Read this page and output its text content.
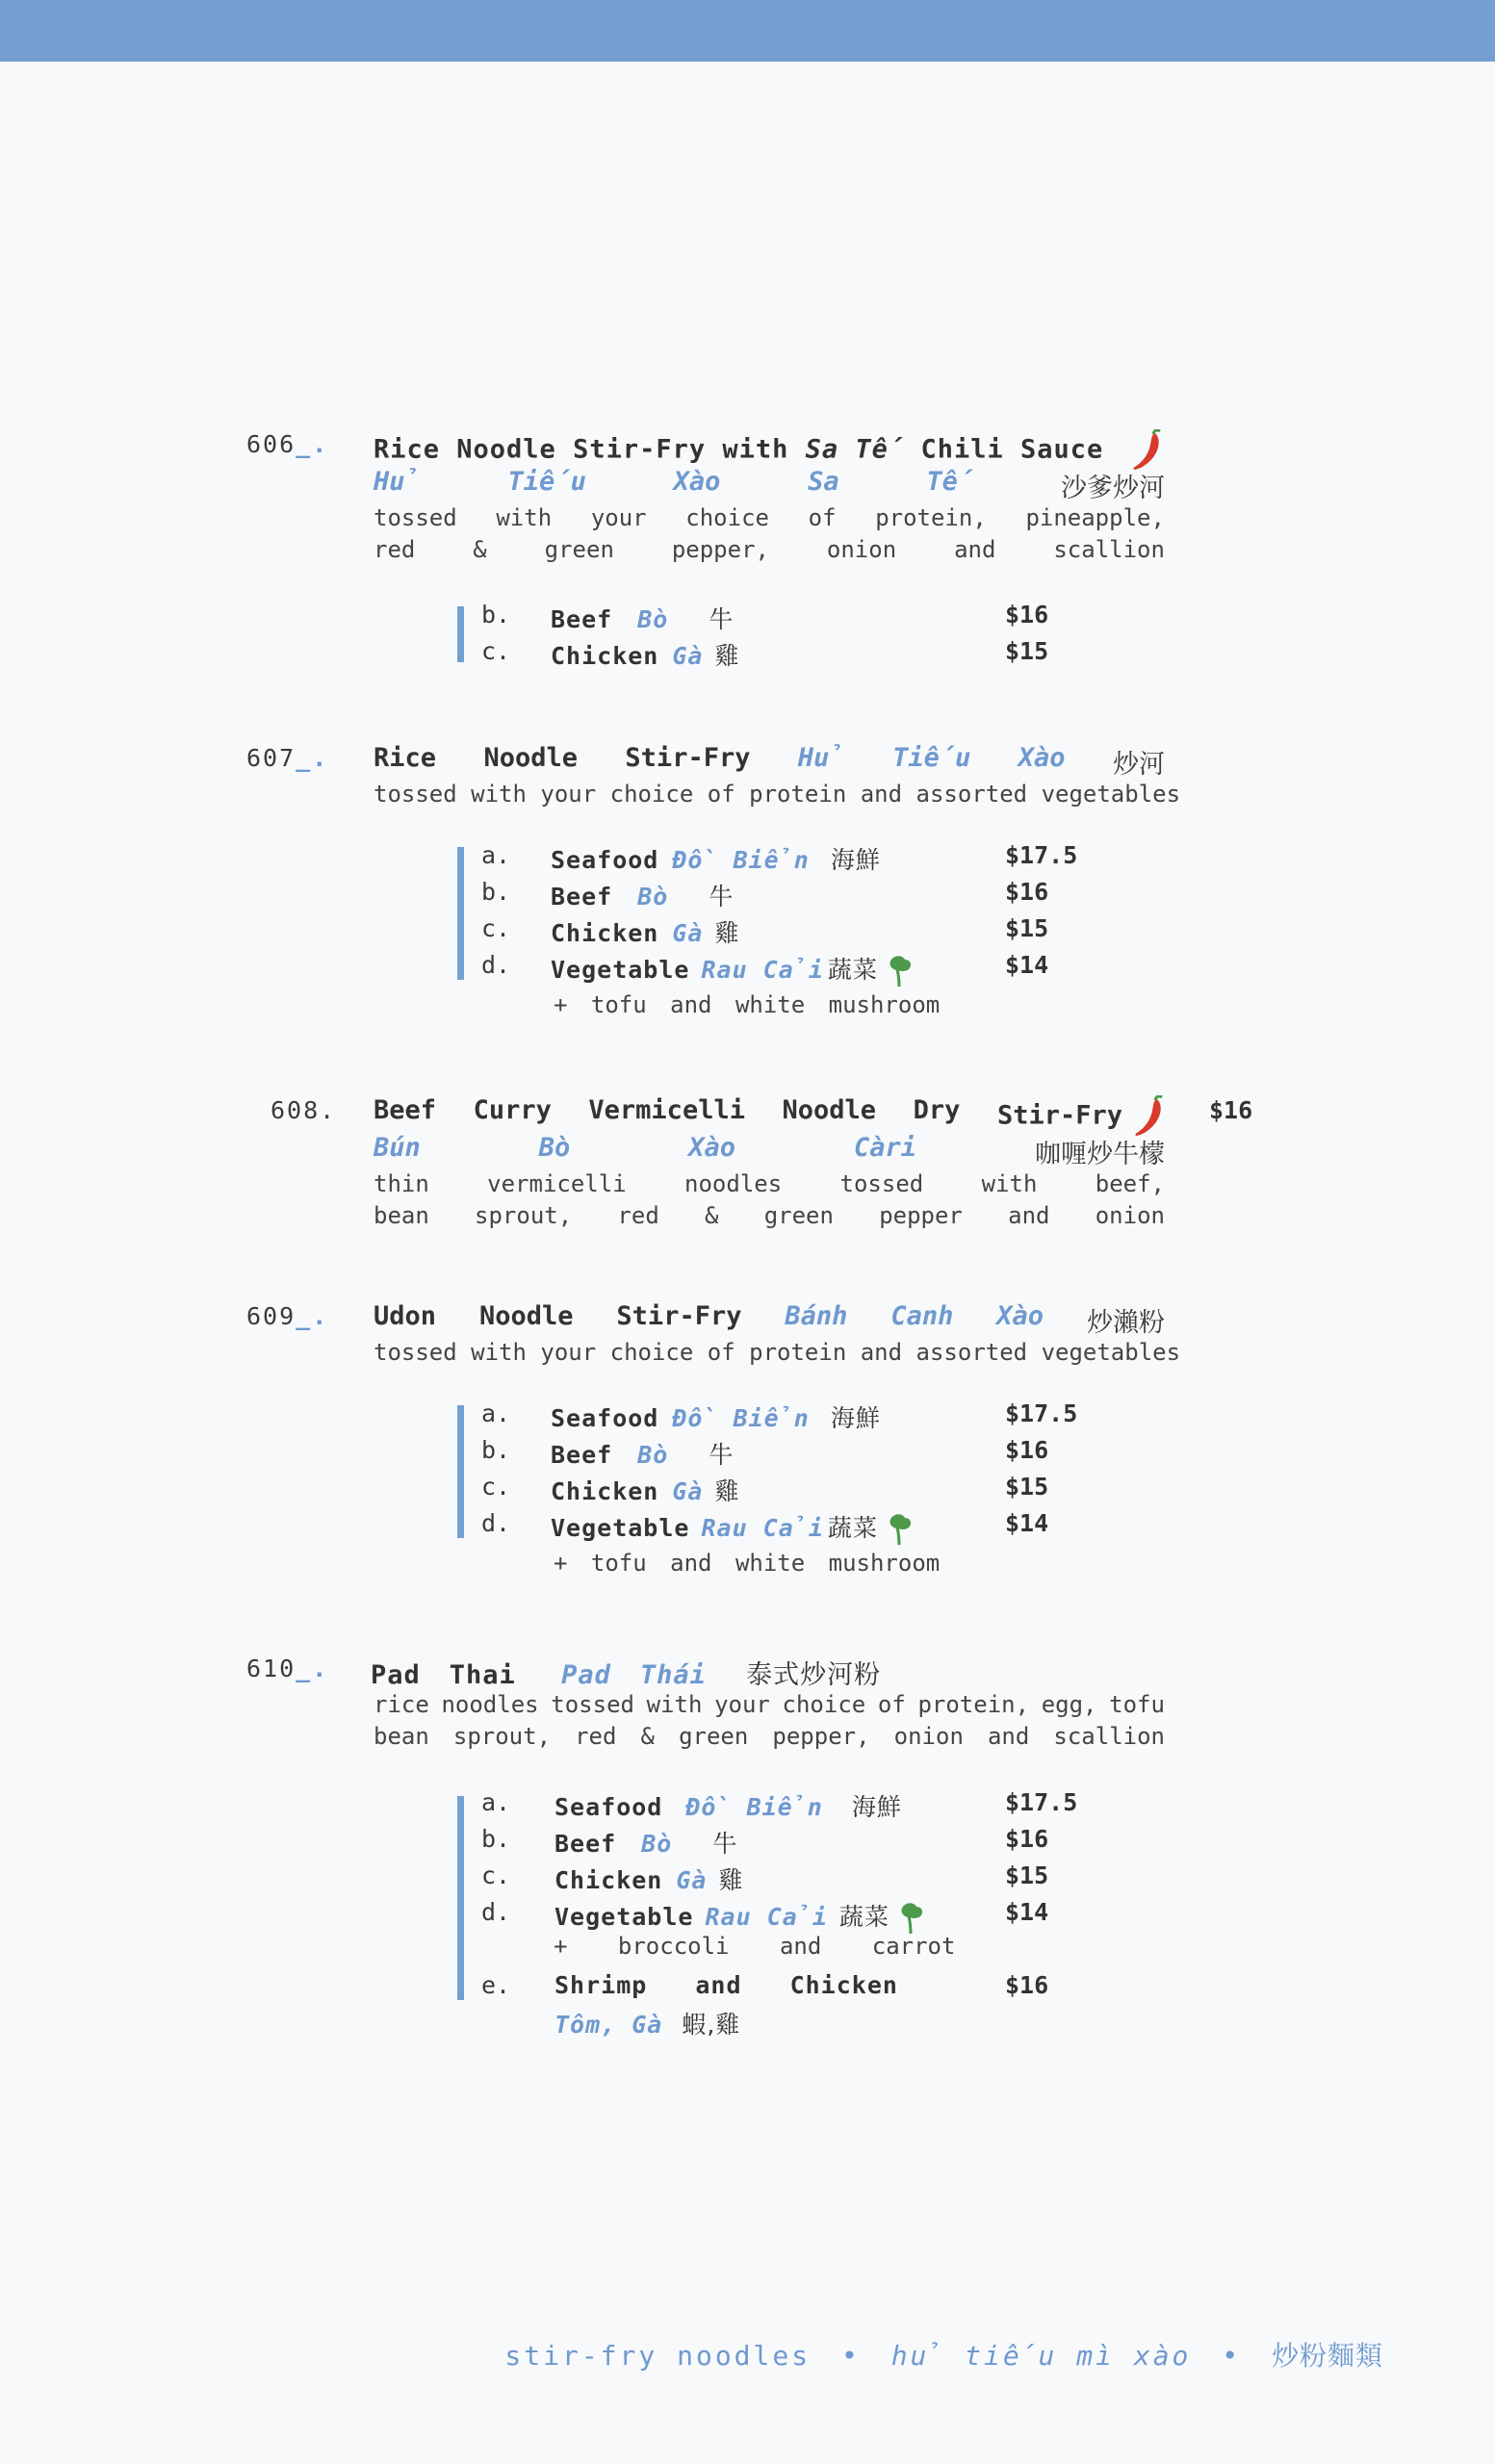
606_. Rice Noodle Stir-Fry with Sa Tế Chili Sauce
Hủ	Tiếu	Xào	Sa	Tế	沙爹炒河
tossed with your choice of protein, pineapple,
red & green pepper, onion and scallion
b. Beef Bò 牛	$16
c. Chicken Gà 雞	$15
607_. Rice Noodle Stir-Fry Hủ Tiếu Xào 炒河
tossed with your choice of protein and assorted vegetables
a. Seafood Đồ Biển 海鮮	$17.5
b. Beef Bò 牛	$16
c. Chicken Gà 雞	$15
d. Vegetable Rau Cải 蔬菜	$14
+ tofu and white mushroom
608. Beef Curry Vermicelli Noodle Dry Stir-Fry	$16
Bún	Bò	Xào	Càri	咖喱炒牛檬
thin	vermicelli	noodles	tossed	with	beef,
bean sprout, red & green pepper and onion
609_. Udon Noodle Stir-Fry Bánh Canh Xào 炒瀨粉
tossed with your choice of protein and assorted vegetables
a. Seafood Đồ Biển 海鮮	$17.5
b. Beef Bò 牛	$16
c. Chicken Gà 雞	$15
d. Vegetable Rau Cải 蔬菜	$14
+ tofu and white mushroom
610_. Pad Thai Pad Thái 泰式炒河粉
rice noodles tossed with your choice of protein, egg, tofu
bean sprout, red & green pepper, onion and scallion
a. Seafood Đồ Biển 海鮮	$17.5
b. Beef Bò 牛	$16
c. Chicken Gà 雞	$15
d. Vegetable Rau Cải 蔬菜	$14
+ broccoli and carrot
e. Shrimp and Chicken	$16
Tôm, Gà 蝦,雞
stir-fry noodles • hủ tiếu mì xào • 炒粉麵類
